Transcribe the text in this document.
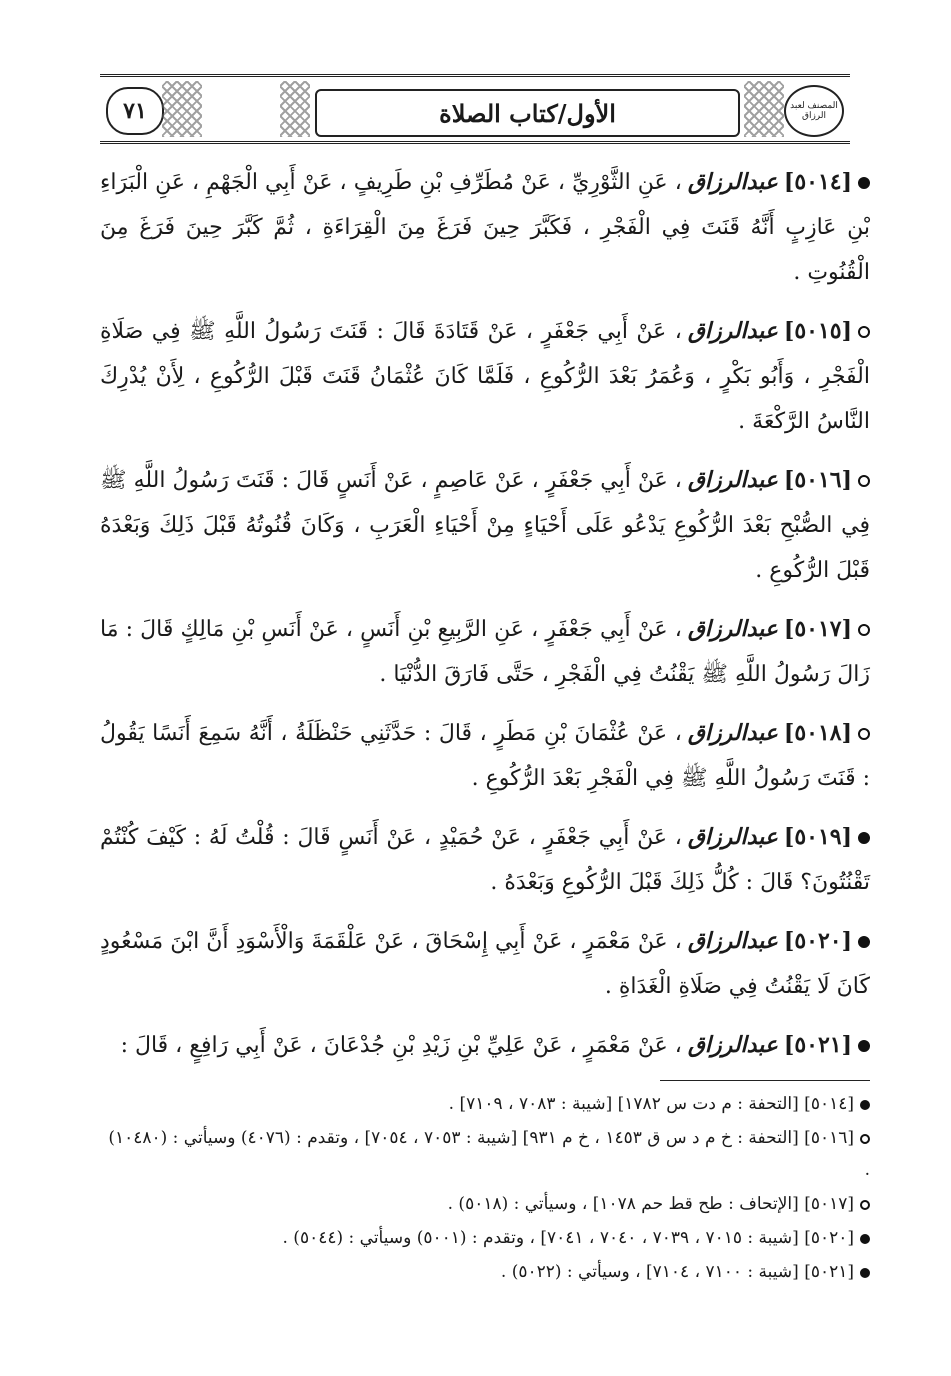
٧١	الأول/كتاب الصلاة	المصنف لعبد الرزاق

[٥٠١٤]عبدالرزاق، عَنِ الثَّوْرِيِّ ، عَنْ مُطَرِّفِ بْنِ طَرِيفٍ ، عَنْ أَبِي الْجَهْمِ ، عَنِ الْبَرَاءِ بْنِ عَازِبٍ أَنَّهُ قَنَتَ فِي الْفَجْرِ ، فَكَبَّرَ حِينَ فَرَغَ مِنَ الْقِرَاءَةِ ، ثُمَّ كَبَّرَ حِينَ فَرَغَ مِنَ الْقُنُوتِ .

[٥٠١٥]عبدالرزاق، عَنْ أَبِي جَعْفَرٍ ، عَنْ قَتَادَةَ قَالَ : قَنَتَ رَسُولُ اللَّهِ ﷺ فِي صَلَاةِ الْفَجْرِ ، وَأَبُو بَكْرٍ ، وَعُمَرُ بَعْدَ الرُّكُوعِ ، فَلَمَّا كَانَ عُثْمَانُ قَنَتَ قَبْلَ الرُّكُوعِ ، لِأَنْ يُدْرِكَ النَّاسُ الرَّكْعَةَ .

[٥٠١٦]عبدالرزاق، عَنْ أَبِي جَعْفَرٍ ، عَنْ عَاصِمٍ ، عَنْ أَنَسٍ قَالَ : قَنَتَ رَسُولُ اللَّهِ ﷺ فِي الصُّبْحِ بَعْدَ الرُّكُوعِ يَدْعُو عَلَى أَحْيَاءٍ مِنْ أَحْيَاءِ الْعَرَبِ ، وَكَانَ قُنُوتُهُ قَبْلَ ذَلِكَ وَبَعْدَهُ قَبْلَ الرُّكُوعِ .

[٥٠١٧]عبدالرزاق، عَنْ أَبِي جَعْفَرٍ ، عَنِ الرَّبِيعِ بْنِ أَنَسٍ ، عَنْ أَنَسِ بْنِ مَالِكٍ قَالَ : مَا زَالَ رَسُولُ اللَّهِ ﷺ يَقْنُتُ فِي الْفَجْرِ ، حَتَّى فَارَقَ الدُّنْيَا .

[٥٠١٨]عبدالرزاق، عَنْ عُثْمَانَ بْنِ مَطَرٍ ، قَالَ : حَدَّثَنِي حَنْظَلَةُ ، أَنَّهُ سَمِعَ أَنَسًا يَقُولُ : قَنَتَ رَسُولُ اللَّهِ ﷺ فِي الْفَجْرِ بَعْدَ الرُّكُوعِ .

[٥٠١٩]عبدالرزاق، عَنْ أَبِي جَعْفَرٍ ، عَنْ حُمَيْدٍ ، عَنْ أَنَسٍ قَالَ : قُلْتُ لَهُ : كَيْفَ كُنْتُمْ تَقْنُتُونَ؟ قَالَ : كُلُّ ذَلِكَ قَبْلَ الرُّكُوعِ وَبَعْدَهُ .

[٥٠٢٠]عبدالرزاق، عَنْ مَعْمَرٍ ، عَنْ أَبِي إِسْحَاقَ ، عَنْ عَلْقَمَةَ وَالْأَسْوَدِ أَنَّ ابْنَ مَسْعُودٍ كَانَ لَا يَقْنُتُ فِي صَلَاةِ الْغَدَاةِ .

[٥٠٢١]عبدالرزاق، عَنْ مَعْمَرٍ ، عَنْ عَلِيِّ بْنِ زَيْدِ بْنِ جُدْعَانَ ، عَنْ أَبِي رَافِعٍ ، قَالَ :

[٥٠١٤] [التحفة : م دت س ١٧٨٢] [شيبة : ٧٠٨٣ ، ٧١٠٩] .

[٥٠١٦] [التحفة : خ م د س ق ١٤٥٣ ، خ م ٩٣١] [شيبة : ٧٠٥٣ ، ٧٠٥٤] ، وتقدم : (٤٠٧٦) وسيأتي : (١٠٤٨٠) .

[٥٠١٧] [الإتحاف : طح قط حم ١٠٧٨] ، وسيأتي : (٥٠١٨) .

[٥٠٢٠] [شيبة : ٧٠١٥ ، ٧٠٣٩ ، ٧٠٤٠ ، ٧٠٤١] ، وتقدم : (٥٠٠١) وسيأتي : (٥٠٤٤) .

[٥٠٢١] [شيبة : ٧١٠٠ ، ٧١٠٤] ، وسيأتي : (٥٠٢٢) .
